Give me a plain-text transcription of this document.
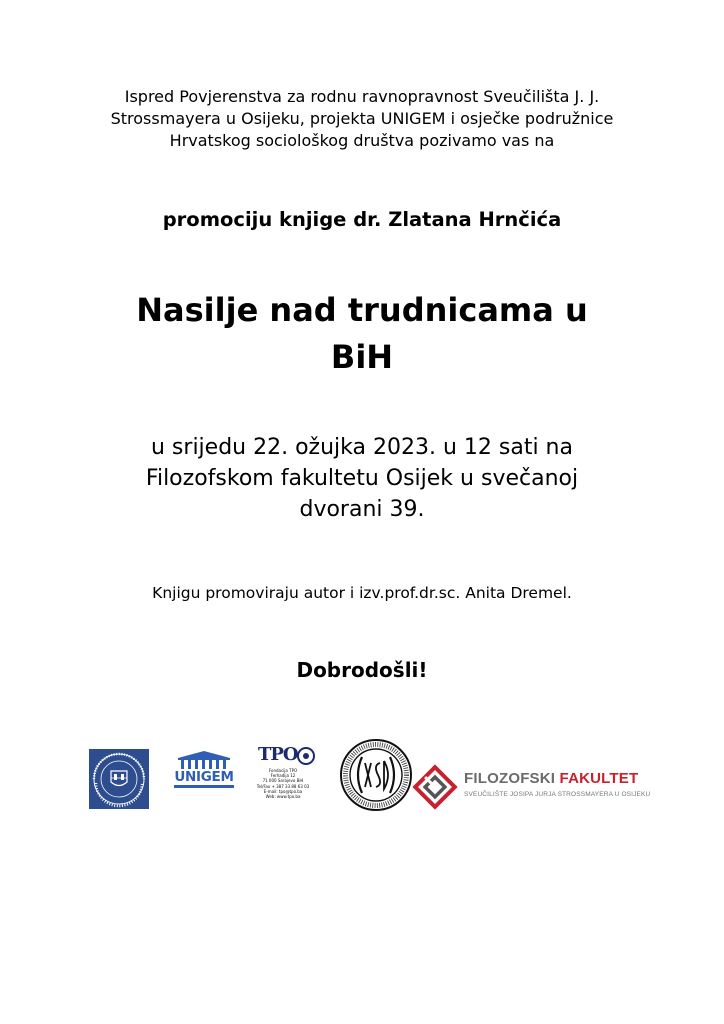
Ispred Povjerenstva za rodnu ravnopravnost Sveučilišta J. J.
Strossmayera u Osijeku, projekta UNIGEM i osječke podružnice
Hrvatskog sociološkog društva pozivamo vas na
promociju knjige dr. Zlatana Hrnčića
Nasilje nad trudnicama u
BiH
u srijedu 22. ožujka 2023. u 12 sati na
Filozofskom fakultetu Osijek u svečanoj
dvorani 39.
Knjigu promoviraju autor i izv.prof.dr.sc. Anita Dremel.
Dobrodošli!
UNIGEM
TPO
Fondacija TPO
Ferhadija 12
71 000 Sarajevo BiH
Tel/Fax + 387 33 88 63 03
E-mail: tpo@tpo.ba
Web: www.tpo.ba
FILOZOFSKI FAKULTET
SVEUČILIŠTE JOSIPA JURJA STROSSMAYERA U OSIJEKU
